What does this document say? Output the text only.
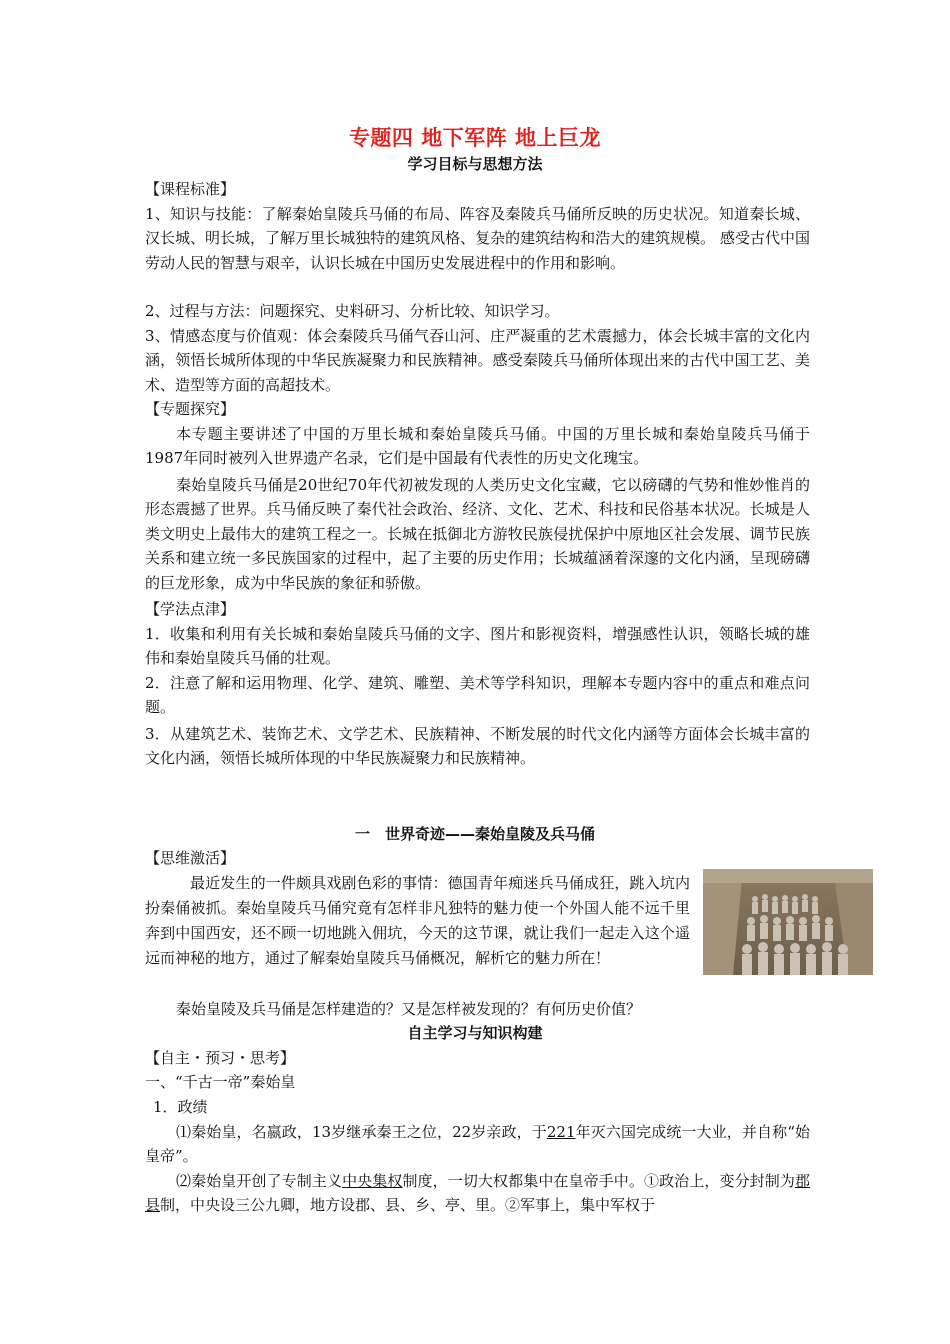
专题四 地下军阵 地上巨龙
学习目标与思想方法
【课程标准】
1、知识与技能：了解秦始皇陵兵马俑的布局、阵容及秦陵兵马俑所反映的历史状况。知道秦长城、汉长城、明长城，了解万里长城独特的建筑风格、复杂的建筑结构和浩大的建筑规模。 感受古代中国劳动人民的智慧与艰辛，认识长城在中国历史发展进程中的作用和影响。
2、过程与方法：问题探究、史料研习、分析比较、知识学习。
3、情感态度与价值观：体会秦陵兵马俑气吞山河、庄严凝重的艺术震撼力，体会长城丰富的文化内涵，领悟长城所体现的中华民族凝聚力和民族精神。感受秦陵兵马俑所体现出来的古代中国工艺、美术、造型等方面的高超技术。
【专题探究】
本专题主要讲述了中国的万里长城和秦始皇陵兵马俑。中国的万里长城和秦始皇陵兵马俑于1987年同时被列入世界遗产名录，它们是中国最有代表性的历史文化瑰宝。
秦始皇陵兵马俑是20世纪70年代初被发现的人类历史文化宝藏，它以磅礴的气势和惟妙惟肖的形态震撼了世界。兵马俑反映了秦代社会政治、经济、文化、艺术、科技和民俗基本状况。长城是人类文明史上最伟大的建筑工程之一。长城在抵御北方游牧民族侵扰保护中原地区社会发展、调节民族关系和建立统一多民族国家的过程中，起了主要的历史作用；长城蕴涵着深邃的文化内涵，呈现磅礴的巨龙形象，成为中华民族的象征和骄傲。
【学法点津】
1．收集和利用有关长城和秦始皇陵兵马俑的文字、图片和影视资料，增强感性认识，领略长城的雄伟和秦始皇陵兵马俑的壮观。
2．注意了解和运用物理、化学、建筑、雕塑、美术等学科知识，理解本专题内容中的重点和难点问题。
3．从建筑艺术、装饰艺术、文学艺术、民族精神、不断发展的时代文化内涵等方面体会长城丰富的文化内涵，领悟长城所体现的中华民族凝聚力和民族精神。
一　世界奇迹——秦始皇陵及兵马俑
【思维激活】
最近发生的一件颇具戏剧色彩的事情：德国青年痴迷兵马俑成狂，跳入坑内扮秦俑被抓。秦始皇陵兵马俑究竟有怎样非凡独特的魅力使一个外国人能不远千里奔到中国西安，还不顾一切地跳入佣坑，今天的这节课，就让我们一起走入这个遥远而神秘的地方，通过了解秦始皇陵兵马俑概况，解析它的魅力所在！
秦始皇陵及兵马俑是怎样建造的？又是怎样被发现的？有何历史价值？
自主学习与知识构建
【自主・预习・思考】
一、“千古一帝”秦始皇
1．政绩
⑴秦始皇，名嬴政，13岁继承秦王之位，22岁亲政，于221年灭六国完成统一大业，并自称“始皇帝”。
⑵秦始皇开创了专制主义中央集权制度，一切大权都集中在皇帝手中。①政治上，变分封制为郡县制，中央设三公九卿，地方设郡、县、乡、亭、里。②军事上，集中军权于
